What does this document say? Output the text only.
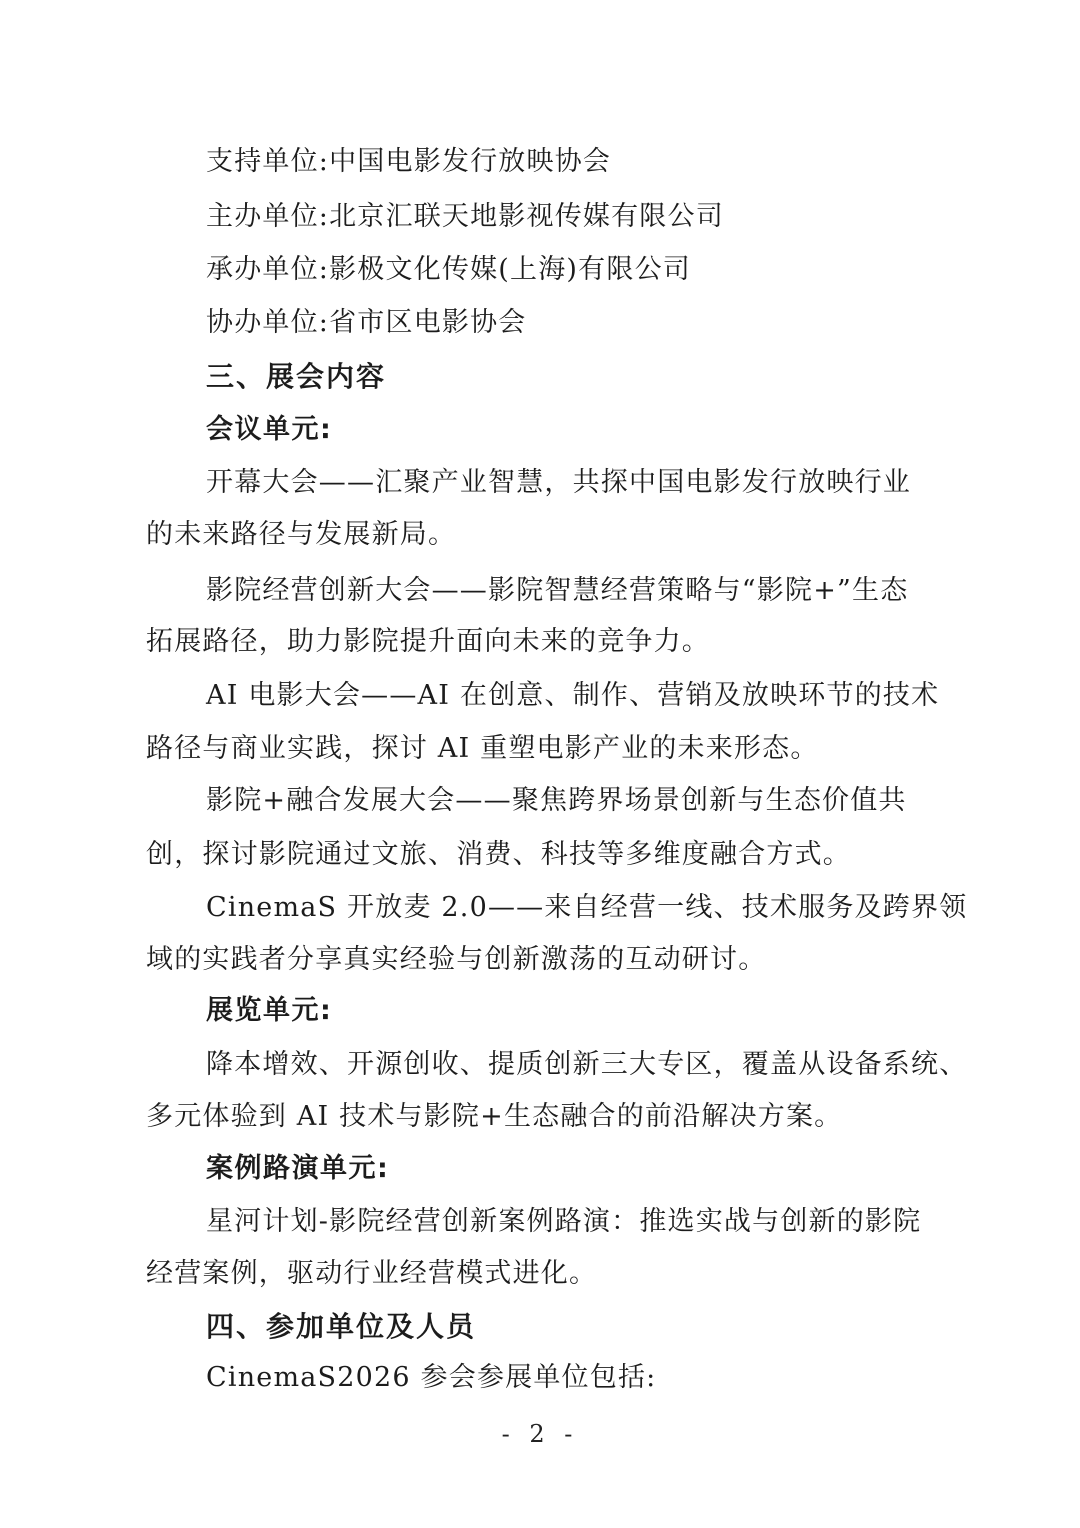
支持单位:中国电影发行放映协会
主办单位:北京汇联天地影视传媒有限公司
承办单位:影极文化传媒(上海)有限公司
协办单位:省市区电影协会
三、展会内容
会议单元:
开幕大会——汇聚产业智慧，共探中国电影发行放映行业
的未来路径与发展新局。
影院经营创新大会——影院智慧经营策略与“影院+”生态
拓展路径，助力影院提升面向未来的竞争力。
AI 电影大会——AI 在创意、制作、营销及放映环节的技术
路径与商业实践，探讨 AI 重塑电影产业的未来形态。
影院+融合发展大会——聚焦跨界场景创新与生态价值共
创，探讨影院通过文旅、消费、科技等多维度融合方式。
CinemaS 开放麦 2.0——来自经营一线、技术服务及跨界领
域的实践者分享真实经验与创新激荡的互动研讨。
展览单元:
降本增效、开源创收、提质创新三大专区，覆盖从设备系统、
多元体验到 AI 技术与影院+生态融合的前沿解决方案。
案例路演单元:
星河计划-影院经营创新案例路演：推选实战与创新的影院
经营案例，驱动行业经营模式进化。
四、参加单位及人员
CinemaS2026 参会参展单位包括:
- 2 -
